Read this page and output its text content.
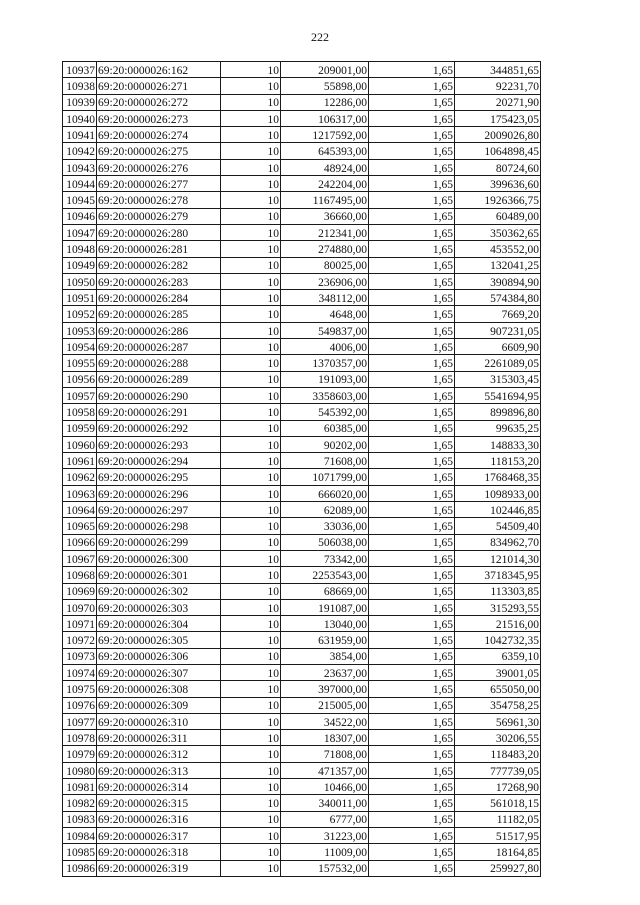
222
10937	69:20:0000026:162	10	209001,00	1,65	344851,65
10938	69:20:0000026:271	10	55898,00	1,65	92231,70
10939	69:20:0000026:272	10	12286,00	1,65	20271,90
10940	69:20:0000026:273	10	106317,00	1,65	175423,05
10941	69:20:0000026:274	10	1217592,00	1,65	2009026,80
10942	69:20:0000026:275	10	645393,00	1,65	1064898,45
10943	69:20:0000026:276	10	48924,00	1,65	80724,60
10944	69:20:0000026:277	10	242204,00	1,65	399636,60
10945	69:20:0000026:278	10	1167495,00	1,65	1926366,75
10946	69:20:0000026:279	10	36660,00	1,65	60489,00
10947	69:20:0000026:280	10	212341,00	1,65	350362,65
10948	69:20:0000026:281	10	274880,00	1,65	453552,00
10949	69:20:0000026:282	10	80025,00	1,65	132041,25
10950	69:20:0000026:283	10	236906,00	1,65	390894,90
10951	69:20:0000026:284	10	348112,00	1,65	574384,80
10952	69:20:0000026:285	10	4648,00	1,65	7669,20
10953	69:20:0000026:286	10	549837,00	1,65	907231,05
10954	69:20:0000026:287	10	4006,00	1,65	6609,90
10955	69:20:0000026:288	10	1370357,00	1,65	2261089,05
10956	69:20:0000026:289	10	191093,00	1,65	315303,45
10957	69:20:0000026:290	10	3358603,00	1,65	5541694,95
10958	69:20:0000026:291	10	545392,00	1,65	899896,80
10959	69:20:0000026:292	10	60385,00	1,65	99635,25
10960	69:20:0000026:293	10	90202,00	1,65	148833,30
10961	69:20:0000026:294	10	71608,00	1,65	118153,20
10962	69:20:0000026:295	10	1071799,00	1,65	1768468,35
10963	69:20:0000026:296	10	666020,00	1,65	1098933,00
10964	69:20:0000026:297	10	62089,00	1,65	102446,85
10965	69:20:0000026:298	10	33036,00	1,65	54509,40
10966	69:20:0000026:299	10	506038,00	1,65	834962,70
10967	69:20:0000026:300	10	73342,00	1,65	121014,30
10968	69:20:0000026:301	10	2253543,00	1,65	3718345,95
10969	69:20:0000026:302	10	68669,00	1,65	113303,85
10970	69:20:0000026:303	10	191087,00	1,65	315293,55
10971	69:20:0000026:304	10	13040,00	1,65	21516,00
10972	69:20:0000026:305	10	631959,00	1,65	1042732,35
10973	69:20:0000026:306	10	3854,00	1,65	6359,10
10974	69:20:0000026:307	10	23637,00	1,65	39001,05
10975	69:20:0000026:308	10	397000,00	1,65	655050,00
10976	69:20:0000026:309	10	215005,00	1,65	354758,25
10977	69:20:0000026:310	10	34522,00	1,65	56961,30
10978	69:20:0000026:311	10	18307,00	1,65	30206,55
10979	69:20:0000026:312	10	71808,00	1,65	118483,20
10980	69:20:0000026:313	10	471357,00	1,65	777739,05
10981	69:20:0000026:314	10	10466,00	1,65	17268,90
10982	69:20:0000026:315	10	340011,00	1,65	561018,15
10983	69:20:0000026:316	10	6777,00	1,65	11182,05
10984	69:20:0000026:317	10	31223,00	1,65	51517,95
10985	69:20:0000026:318	10	11009,00	1,65	18164,85
10986	69:20:0000026:319	10	157532,00	1,65	259927,80
